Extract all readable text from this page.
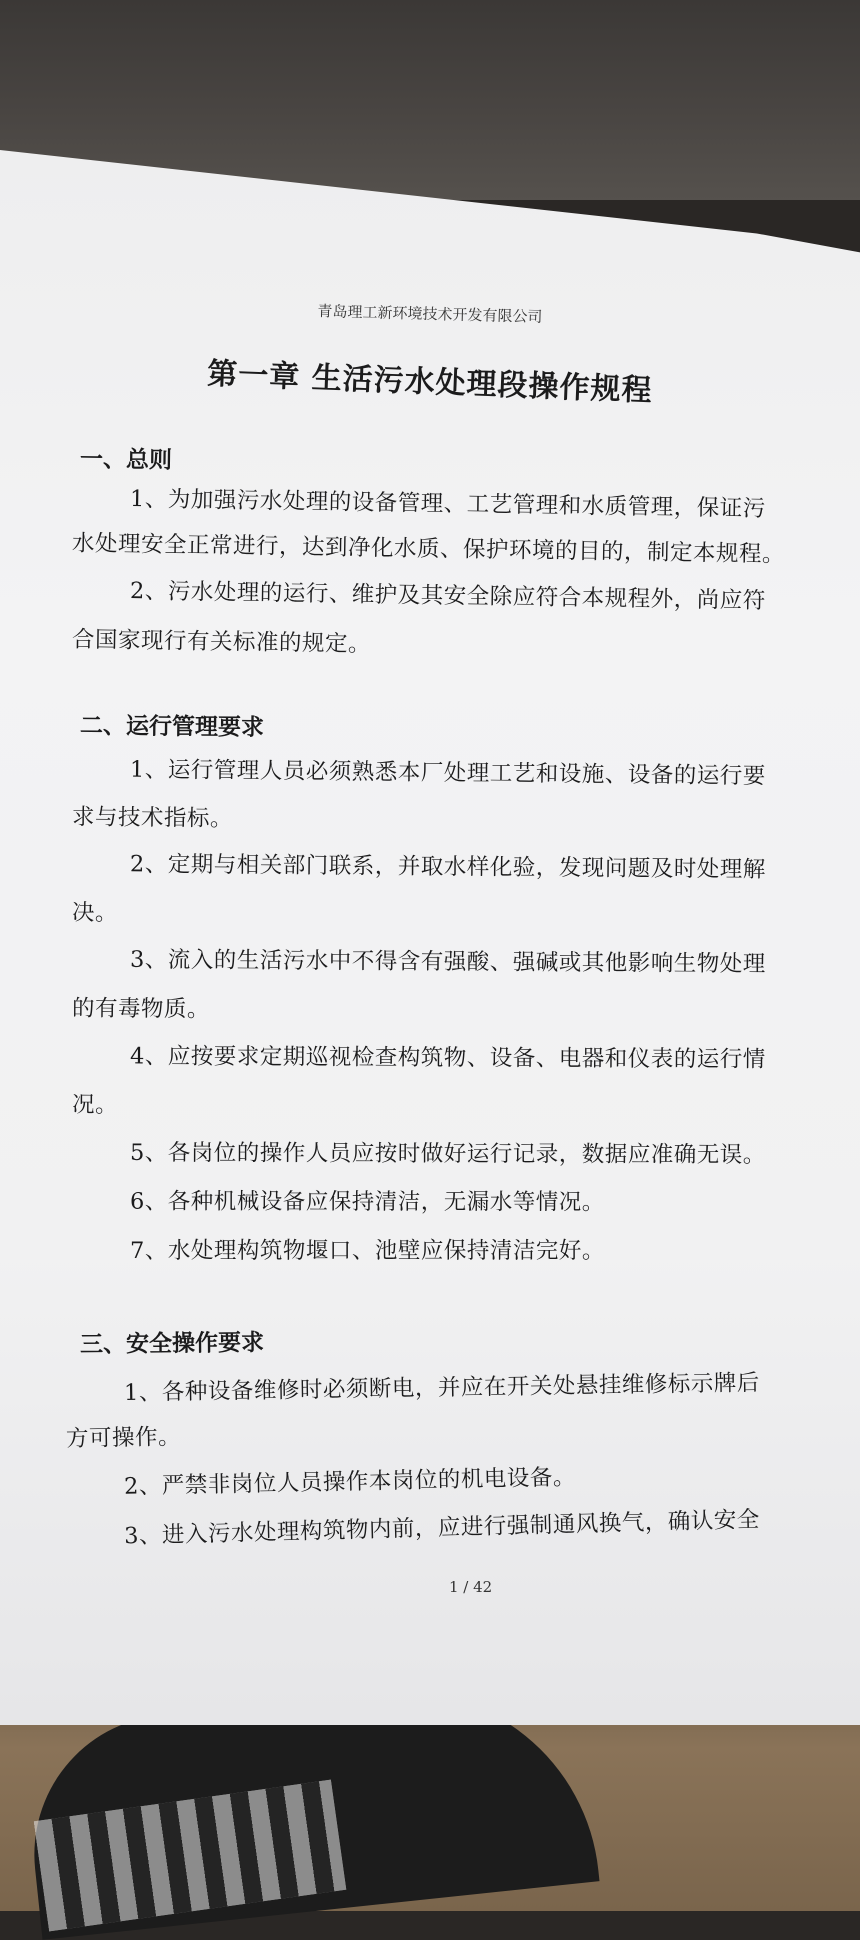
青岛理工新环境技术开发有限公司
第一章 生活污水处理段操作规程
一、总则
1、为加强污水处理的设备管理、工艺管理和水质管理，保证污
水处理安全正常进行，达到净化水质、保护环境的目的，制定本规程。
2、污水处理的运行、维护及其安全除应符合本规程外，尚应符
合国家现行有关标准的规定。
二、运行管理要求
1、运行管理人员必须熟悉本厂处理工艺和设施、设备的运行要
求与技术指标。
2、定期与相关部门联系，并取水样化验，发现问题及时处理解
决。
3、流入的生活污水中不得含有强酸、强碱或其他影响生物处理
的有毒物质。
4、应按要求定期巡视检查构筑物、设备、电器和仪表的运行情
况。
5、各岗位的操作人员应按时做好运行记录，数据应准确无误。
6、各种机械设备应保持清洁，无漏水等情况。
7、水处理构筑物堰口、池壁应保持清洁完好。
三、安全操作要求
1、各种设备维修时必须断电，并应在开关处悬挂维修标示牌后
方可操作。
2、严禁非岗位人员操作本岗位的机电设备。
3、进入污水处理构筑物内前，应进行强制通风换气，确认安全
1 / 42
